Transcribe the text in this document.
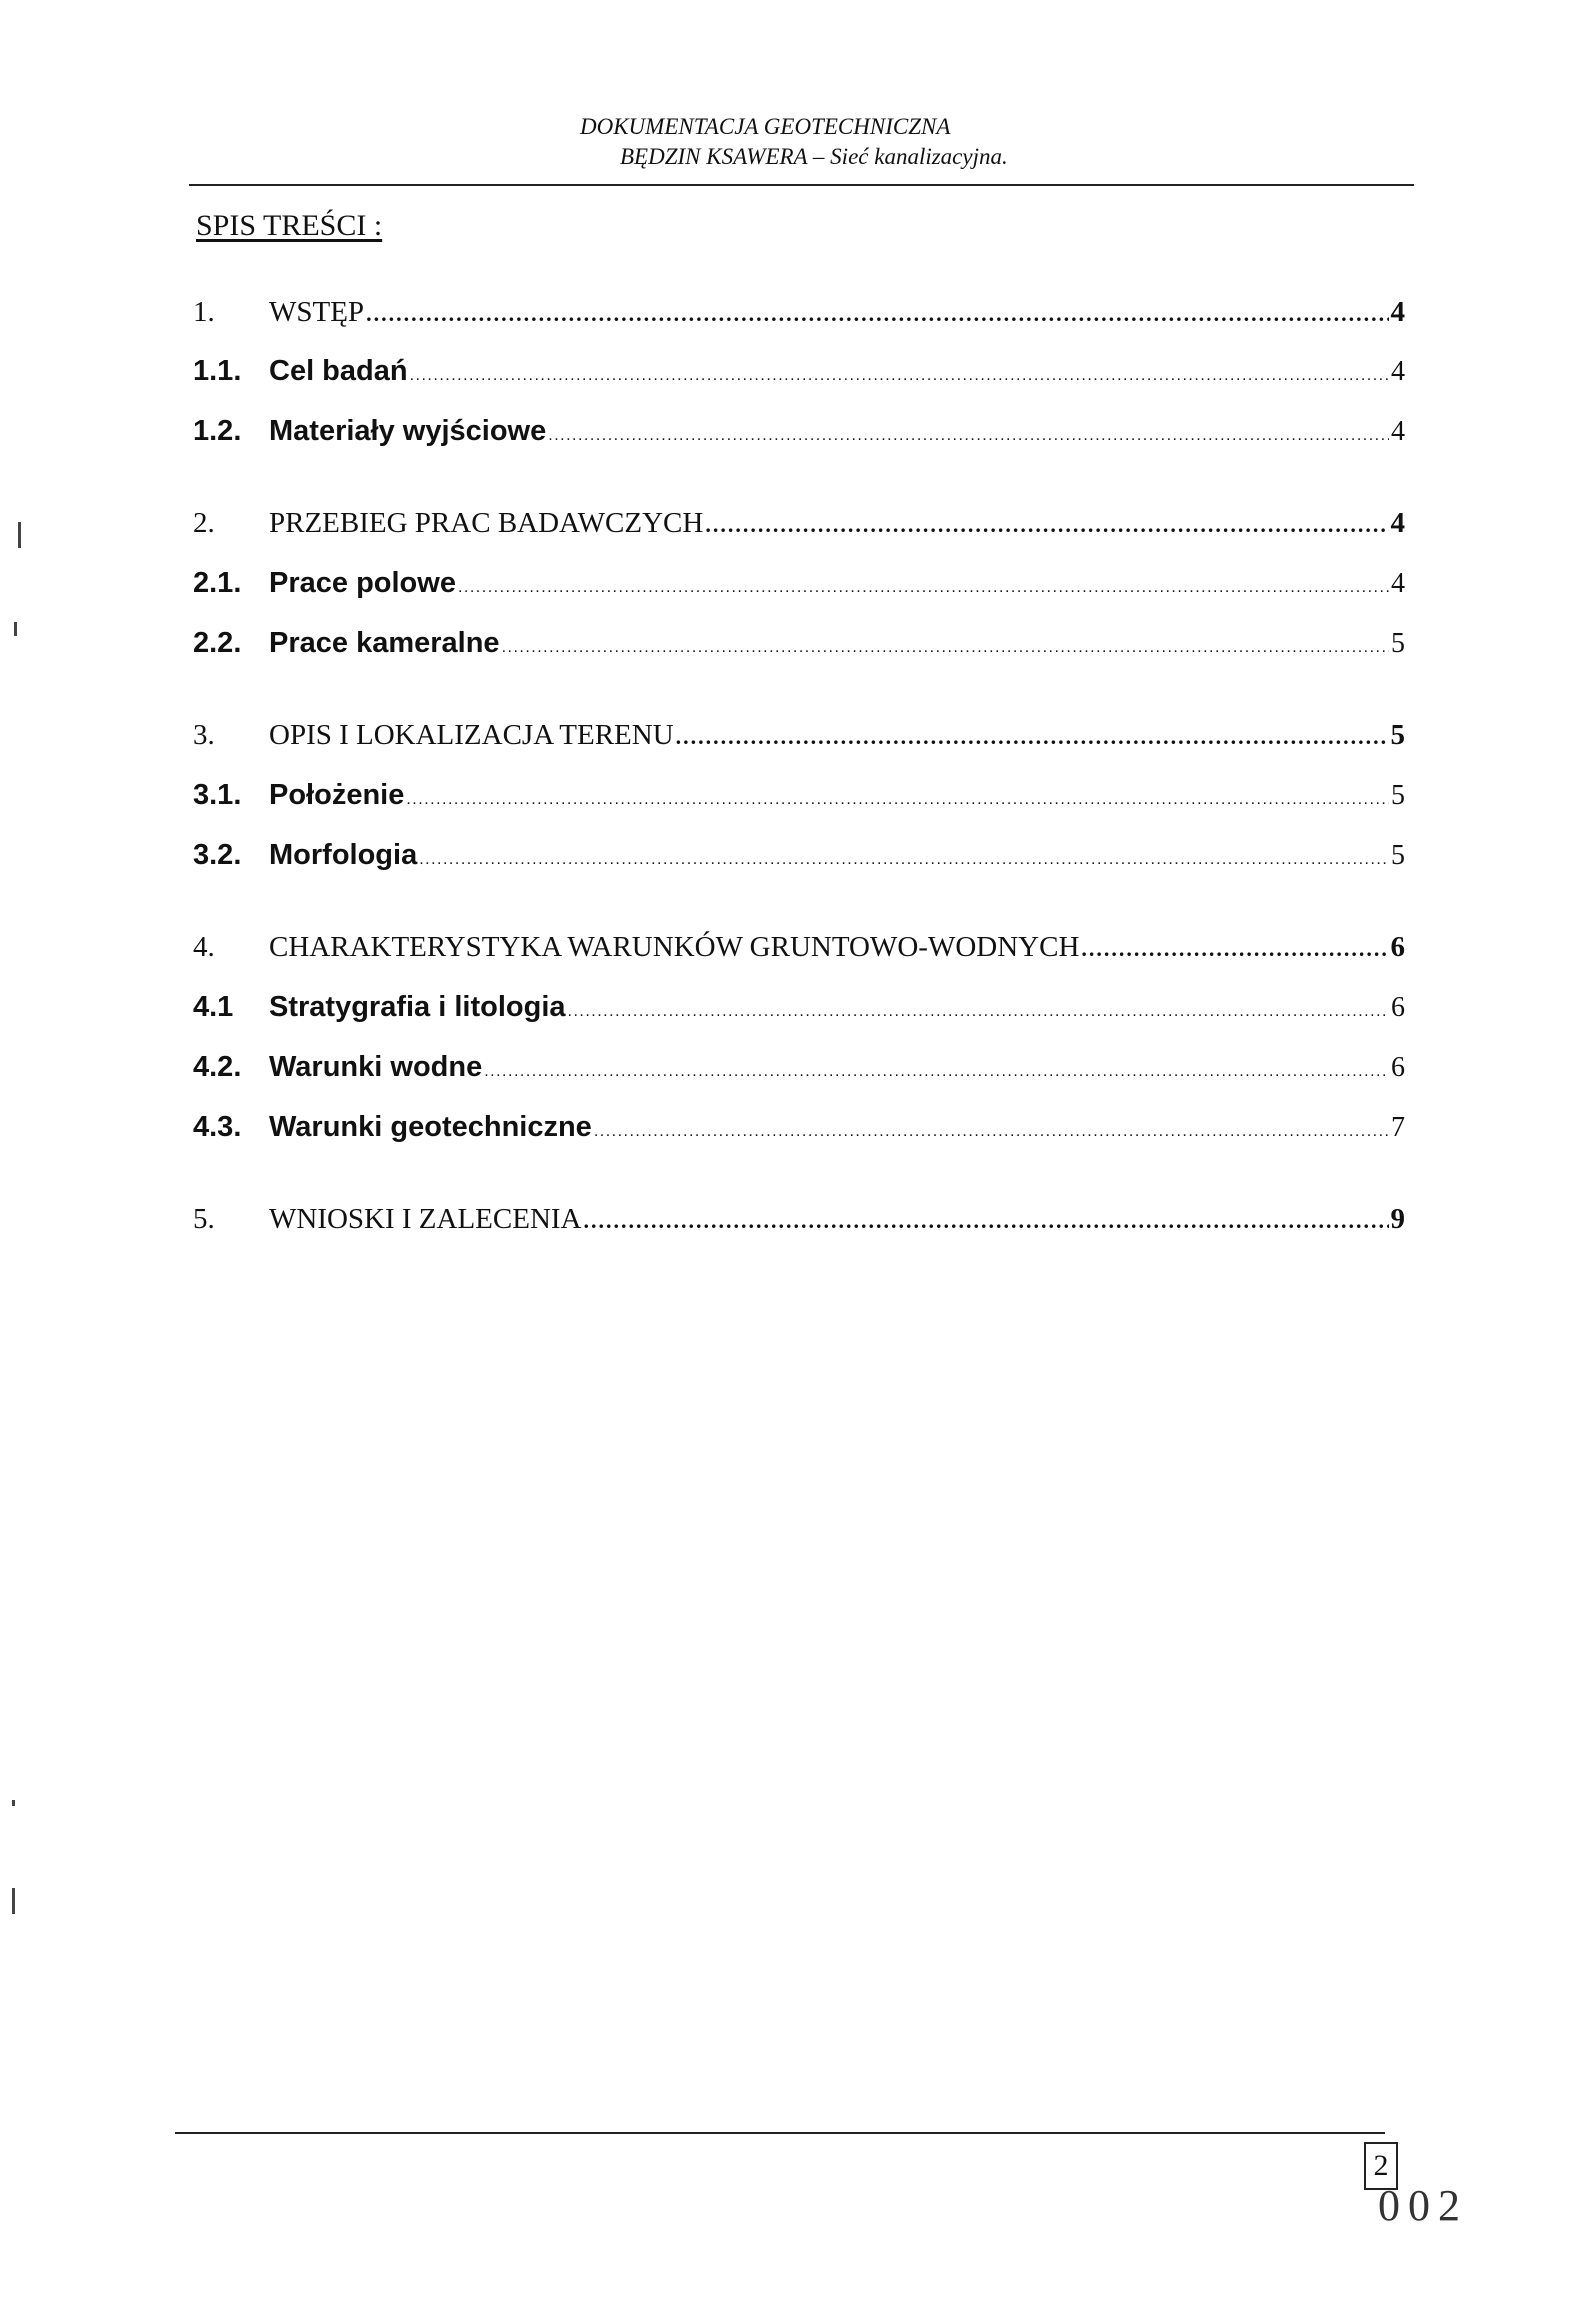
DOKUMENTACJA GEOTECHNICZNA
BĘDZIN KSAWERA – Sieć kanalizacyjna.
SPIS TREŚCI :
1.	WSTĘP .....	4
1.1. Cel badań .....	4
1.2. Materiały wyjściowe .....	4
2.	PRZEBIEG PRAC BADAWCZYCH .....	4
2.1. Prace polowe .....	4
2.2. Prace kameralne .....	5
3.	OPIS I LOKALIZACJA TERENU .....	5
3.1. Położenie .....	5
3.2. Morfologia .....	5
4.	CHARAKTERYSTYKA WARUNKÓW GRUNTOWO-WODNYCH .....	6
4.1	Stratygrafia i litologia .....	6
4.2. Warunki wodne .....	6
4.3. Warunki geotechniczne .....	7
5.	WNIOSKI I ZALECENIA .....	9
2
002
